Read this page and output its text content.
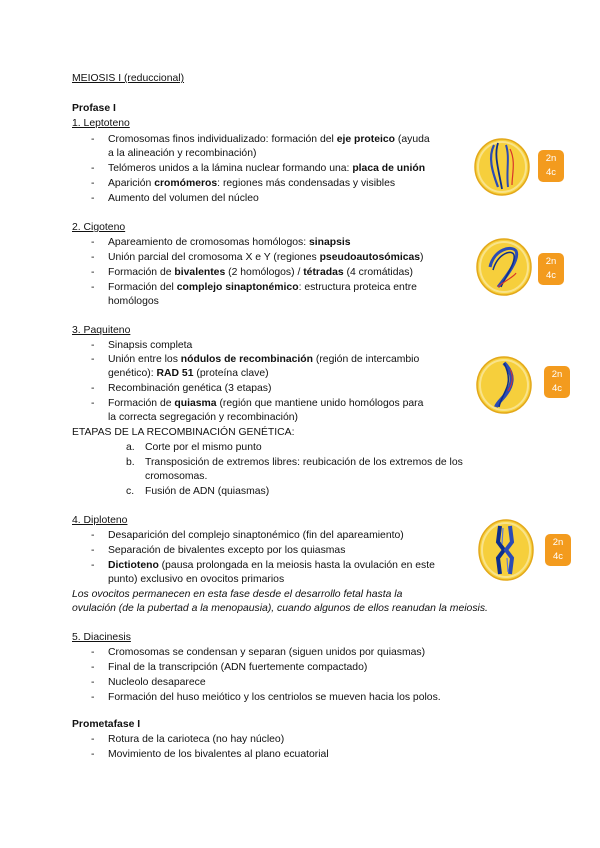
MEIOSIS I (reduccional)
Profase I
1. Leptoteno
- Cromosomas finos individualizado: formación del eje proteico (ayuda
a la alineación y recombinación)
- Telómeros unidos a la lámina nuclear formando una: placa de unión
- Aparición cromómeros: regiones más condensadas y visibles
- Aumento del volumen del núcleo
2n
4c
2. Cigoteno
- Apareamiento de cromosomas homólogos: sinapsis
- Unión parcial del cromosoma X e Y (regiones pseudoautosómicas)
- Formación de bivalentes (2 homólogos) / tétradas (4 cromátidas)
- Formación del complejo sinaptonémico: estructura proteica entre
homólogos
2n
4c
3. Paquiteno
- Sinapsis completa
- Unión entre los nódulos de recombinación (región de intercambio
genético): RAD 51 (proteína clave)
- Recombinación genética (3 etapas)
- Formación de quiasma (región que mantiene unido homólogos para
la correcta segregación y recombinación)
ETAPAS DE LA RECOMBINACIÓN GENÉTICA:
a. Corte por el mismo punto
b. Transposición de extremos libres: reubicación de los extremos de los
cromosomas.
c. Fusión de ADN (quiasmas)
2n
4c
4. Diploteno
- Desaparición del complejo sinaptonémico (fin del apareamiento)
- Separación de bivalentes excepto por los quiasmas
- Dictioteno (pausa prolongada en la meiosis hasta la ovulación en este
punto) exclusivo en ovocitos primarios
Los ovocitos permanecen en esta fase desde el desarrollo fetal hasta la
ovulación (de la pubertad a la menopausia), cuando algunos de ellos reanudan la meiosis.
2n
4c
5. Diacinesis
- Cromosomas se condensan y separan (siguen unidos por quiasmas)
- Final de la transcripción (ADN fuertemente compactado)
- Nucleolo desaparece
- Formación del huso meiótico y los centriolos se mueven hacia los polos.
Prometafase I
- Rotura de la carioteca (no hay núcleo)
- Movimiento de los bivalentes al plano ecuatorial
